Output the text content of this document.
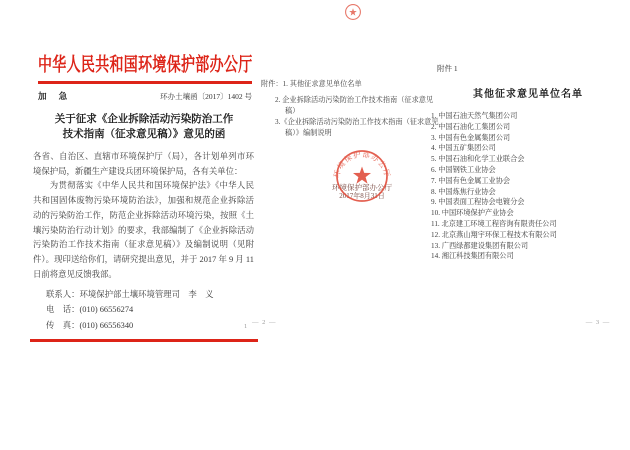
中华人民共和国环境保护部办公厅
加 急	环办土壤函〔2017〕1402 号
关于征求《企业拆除活动污染防治工作
技术指南（征求意见稿）》意见的函

各省、自治区、直辖市环境保护厅（局），各计划单列市环境保护局，新疆生产建设兵团环境保护局，各有关单位：

为贯彻落实《中华人民共和国环境保护法》《中华人民共和国固体废物污染环境防治法》，加强和规范企业拆除活动的污染防治工作，防范企业拆除活动环境污染，按照《土壤污染防治行动计划》的要求，我部编制了《企业拆除活动污染防治工作技术指南（征求意见稿）》及编制说明（见附件）。现印送给你们，请研究提出意见，并于 2017 年 9 月 11 日前将意见反馈我部。

联系人：环境保护部土壤环境管理司　李　义
电　话：(010) 66556274
传　真：(010) 66556340	1
附件：1. 其他征求意见单位名单
2. 企业拆除活动污染防治工作技术指南（征求意见
稿）
3.《企业拆除活动污染防治工作技术指南（征求意见
稿）》编制说明
环境保护部办公厅
2017年8月31日
环境保护部办公厅
— 2 —
附件 1
其他征求意见单位名单
1. 中国石油天然气集团公司
2. 中国石油化工集团公司
3. 中国有色金属集团公司
4. 中国五矿集团公司
5. 中国石油和化学工业联合会
6. 中国钢铁工业协会
7. 中国有色金属工业协会
8. 中国炼焦行业协会
9. 中国表面工程协会电镀分会
10. 中国环境保护产业协会
11. 北京建工环境工程咨询有限责任公司
12. 北京燕山翔宇环保工程技术有限公司
13. 广西绿都建设集团有限公司
14. 湘江科技集团有限公司
— 3 —
